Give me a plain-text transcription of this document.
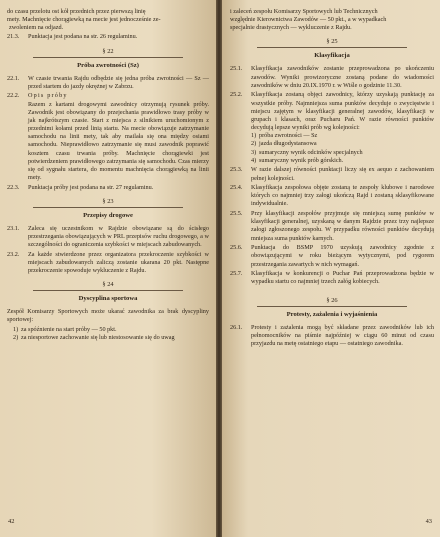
do czasu przelotu ost kół przednich przez pierwszą linię

mety. Machnięcie chorągiewką na mecie jest jednocześnie ze-

zwoleniem na odjazd.

21.3.	Punktacja jest podana na str. 26 regulaminu.
§ 22
Próba zwrotności (Sz)
22.1.	W czasie trwania Rajdu odbędzie się jedna próba zwrotności — Sz — przed startem do jazdy okrężnej w Zabrzu.
22.2.	Opis próby

Razem z kartami drogowymi zawodnicy otrzymują rysunek próby. Zawodnik jest obowiązany do przejechania prawidłowo trasy próby w jak najkrótszym czasie. Start z miejsca z silnikiem uruchomionym z przednimi kołami przed linią startu. Na mecie obowiązuje zatrzymanie samochodu na linii mety, tak aby mailała się ona między osiami samochodu. Nieprawidłowo zatrzymanie się musi zawodnik poprawić kosztem czasu trwania próby. Machnięcie chorągiewki jest potwierdzeniem prawidłowego zatrzymania się samochodu. Czas mierzy się od sygnału startera, do momentu machnięcia chorągiewką na linii mety.

22.3.	Punktacja próby jest podana na str. 27 regulaminu.
§ 23
Przepisy drogowe
23.1.	Zaleca się uczestnikom w Rajdzie obowiązane są do ścisłego przestrzegania obowiązujących w PRL przepisów ruchu drogowego, a w szczególności do ograniczenia szybkości w miejscach zabudowanych.
23.2.	Za każde stwierdzone przez organizatora przekroczenie szybkości w miejscach zabudowanych zaliczą zostanie ukarana 20 pkt. Następne przekroczenie spowoduje wykluczenie z Rajdu.
§ 24
Dyscyplina sportowa

Zespół Komisarzy Sportowych może ukarać zawodnika za brak dyscypliny sportowej:

1) za spóźnienie na start próby — 50 pkt.
2) za niesportowe zachowanie się lub niestosowanie się do uwag
42

i zaleceń zespołu Komisarzy Sportowych lub Technicznych

względnie Kierownictwa Zawodów — 50 pkt., a w wypadkach

specjalnie drastycznych — wykluczenie z Rajdu.

§ 25
Klasyfikacja
25.1.	Klasyfikacja zawodników zostanie przeprowadzona po ukończeniu zawodów. Wyniki prowizoryczne zostaną podane do wiadomości zawodników w dniu 20.IX.1970 r. w Wiśle o godzinie 11.30.
25.2.	Klasyfikacja zostaną objęci zawodnicy, którzy uzyskają punktację za wszystkie próby. Najmniejsza suma punktów decyduje o zwycięstwie i miejscu zajętym w klasyfikacji generalnej zawodów, klasyfikacji w grupach i klasach, oraz Pucharu Pań. W razie równości punktów decydują lepsze wyniki prób wg kolejności:
1) próba zwrotności — Sz
2) jazda długodystansowa
3) sumaryczny wynik odcinków specjalnych
4) sumaryczny wynik prób górskich.
25.3.	W razie dalszej równości punktacji liczy się ex aequo z zachowaniem pełnej kolejności.
25.4.	Klasyfikacja zespołowa objęte zostaną te zespoły klubowe i narodowe których co najmniej trzy załogi ukończą Rajd i zostaną sklasyfikowane indywidualnie.
25.5.	Przy klasyfikacji zespołów przyjmuje się mniejszą sumę punktów w klasyfikacji generalnej, uzyskaną w danym Rajdzie przez trzy najlepsze załogi zgłoszonego zespołu. W przypadku równości punktów decydują mniejsza suma punktów karnych.
25.6.	Punktacja do BSMP 1970 uzyskują zawodnicy zgodnie z obowiązującymi w roku bieżącym wytycznymi, pod rygorem przestrzegania zawartych w nich wymagań.
25.7.	Klasyfikacja w konkurencji o Puchar Pań przeprowadzona będzie w wypadku startu co najmniej trzech załóg kobiecych.
§ 26
Protesty, zażalenia i wyjaśnienia
26.1.	Protesty i zażalenia mogą być składane przez zawodników lub ich pełnomocników na piśmie najpóźniej w ciągu 60 minut od czasu przyjazdu na metę ostatniego etapu — ostatniego zawodnika.
43
